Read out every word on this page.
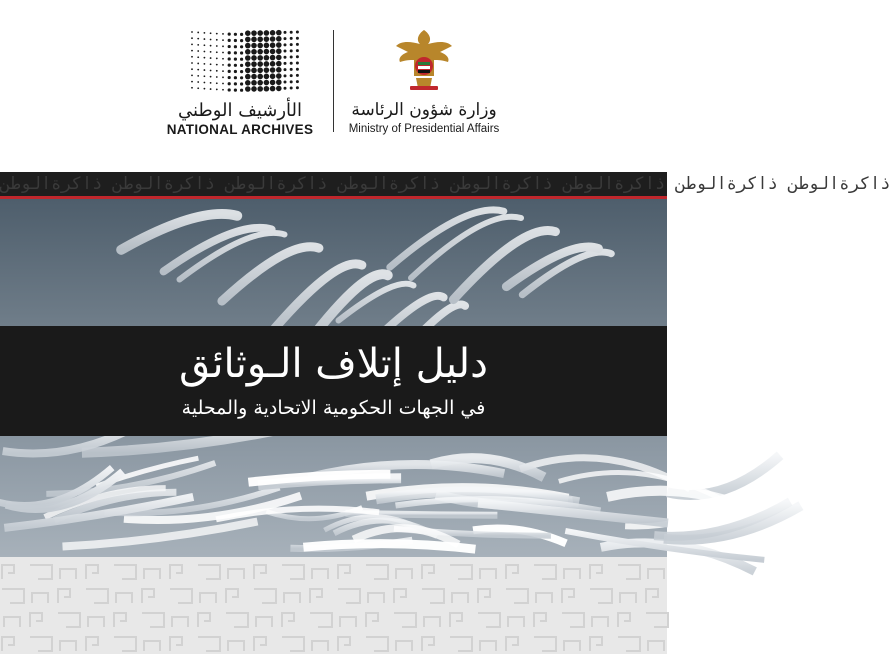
الأرشيف الوطني
NATIONAL ARCHIVES
وزارة شؤون الرئاسة
Ministry of Presidential Affairs
ذاكرةالوطن ذاكرةالوطن ذاكرةالوطن ذاكرةالوطن ذاكرةالوطن ذاكرةالوطن ذاكرةالوطن ذاكرةالوطن
دليل إتلاف الـوثائق
في الجهات الحكومية الاتحادية والمحلية
